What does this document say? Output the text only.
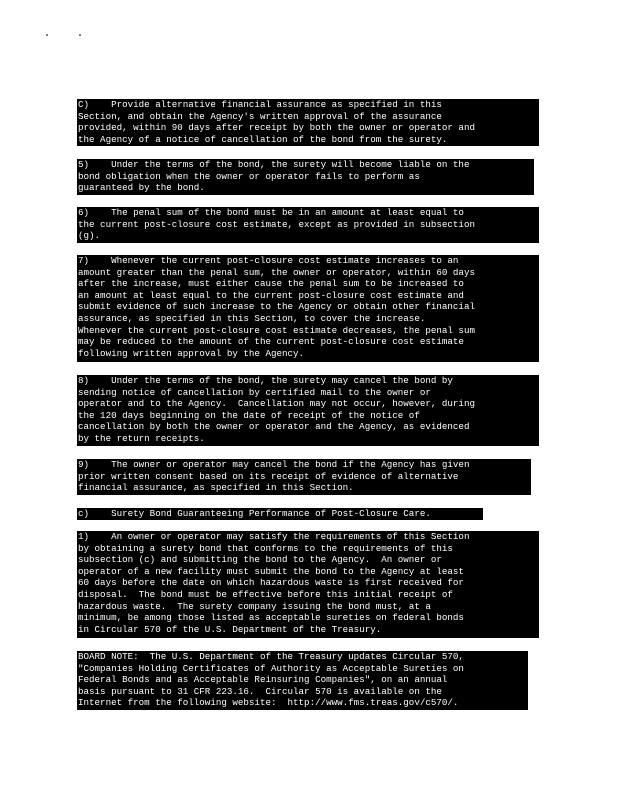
C)    Provide alternative financial assurance as specified in this
Section, and obtain the Agency's written approval of the assurance
provided, within 90 days after receipt by both the owner or operator and
the Agency of a notice of cancellation of the bond from the surety.
5)    Under the terms of the bond, the surety will become liable on the
bond obligation when the owner or operator fails to perform as
guaranteed by the bond.
6)    The penal sum of the bond must be in an amount at least equal to
the current post-closure cost estimate, except as provided in subsection
(g).
7)    Whenever the current post-closure cost estimate increases to an
amount greater than the penal sum, the owner or operator, within 60 days
after the increase, must either cause the penal sum to be increased to
an amount at least equal to the current post-closure cost estimate and
submit evidence of such increase to the Agency or obtain other financial
assurance, as specified in this Section, to cover the increase.
Whenever the current post-closure cost estimate decreases, the penal sum
may be reduced to the amount of the current post-closure cost estimate
following written approval by the Agency.
8)    Under the terms of the bond, the surety may cancel the bond by
sending notice of cancellation by certified mail to the owner or
operator and to the Agency.  Cancellation may not occur, however, during
the 120 days beginning on the date of receipt of the notice of
cancellation by both the owner or operator and the Agency, as evidenced
by the return receipts.
9)    The owner or operator may cancel the bond if the Agency has given
prior written consent based on its receipt of evidence of alternative
financial assurance, as specified in this Section.
c)    Surety Bond Guaranteeing Performance of Post-Closure Care.
1)    An owner or operator may satisfy the requirements of this Section
by obtaining a surety bond that conforms to the requirements of this
subsection (c) and submitting the bond to the Agency.  An owner or
operator of a new facility must submit the bond to the Agency at least
60 days before the date on which hazardous waste is first received for
disposal.  The bond must be effective before this initial receipt of
hazardous waste.  The surety company issuing the bond must, at a
minimum, be among those listed as acceptable sureties on federal bonds
in Circular 570 of the U.S. Department of the Treasury.
BOARD NOTE:  The U.S. Department of the Treasury updates Circular 570,
"Companies Holding Certificates of Authority as Acceptable Sureties on
Federal Bonds and as Acceptable Reinsuring Companies", on an annual
basis pursuant to 31 CFR 223.16.  Circular 570 is available on the
Internet from the following website:  http://www.fms.treas.gov/c570/.
